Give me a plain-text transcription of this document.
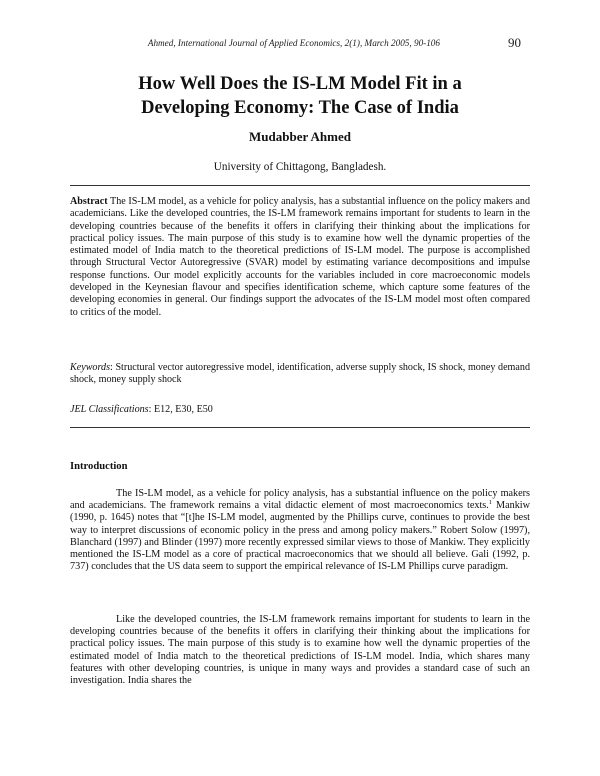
Ahmed, International Journal of Applied Economics, 2(1), March 2005, 90-106	90
How Well Does the IS-LM Model Fit in a
Developing Economy: The Case of India
Mudabber Ahmed
University of Chittagong, Bangladesh.

Abstract The IS-LM model, as a vehicle for policy analysis, has a substantial influence on the policy makers and academicians. Like the developed countries, the IS-LM framework remains important for students to learn in the developing countries because of the benefits it offers in clarifying their thinking about the implications for practical policy issues. The main purpose of this study is to examine how well the dynamic properties of the estimated model of India match to the theoretical predictions of IS-LM model. The purpose is accomplished through Structural Vector Autoregressive (SVAR) model by estimating variance decompositions and impulse response functions. Our model explicitly accounts for the variables included in core macroeconomic models developed in the Keynesian flavour and specifies identification scheme, which capture some features of the developing economies in general. Our findings support the advocates of the IS-LM model most often compared to critics of the model.

Keywords: Structural vector autoregressive model, identification, adverse supply shock, IS shock, money demand shock, money supply shock

JEL Classifications: E12, E30, E50

Introduction

The IS-LM model, as a vehicle for policy analysis, has a substantial influence on the policy makers and academicians. The framework remains a vital didactic element of most macroeconomics texts.$^1$ Mankiw (1990, p. 1645) notes that “[t]he IS-LM model, augmented by the Phillips curve, continues to provide the best way to interpret discussions of economic policy in the press and among policy makers.” Robert Solow (1997), Blanchard (1997) and Blinder (1997) more recently expressed similar views to those of Mankiw. They explicitly mentioned the IS-LM model as a core of practical macroeconomics that we should all believe. Gali (1992, p. 737) concludes that the US data seem to support the empirical relevance of IS-LM Phillips curve paradigm.

Like the developed countries, the IS-LM framework remains important for students to learn in the developing countries because of the benefits it offers in clarifying their thinking about the implications for practical policy issues. The main purpose of this study is to examine how well the dynamic properties of the estimated model of India match to the theoretical predictions of IS-LM model. India, which shares many features with other developing countries, is unique in many ways and provides a standard case of such an investigation. India shares the
